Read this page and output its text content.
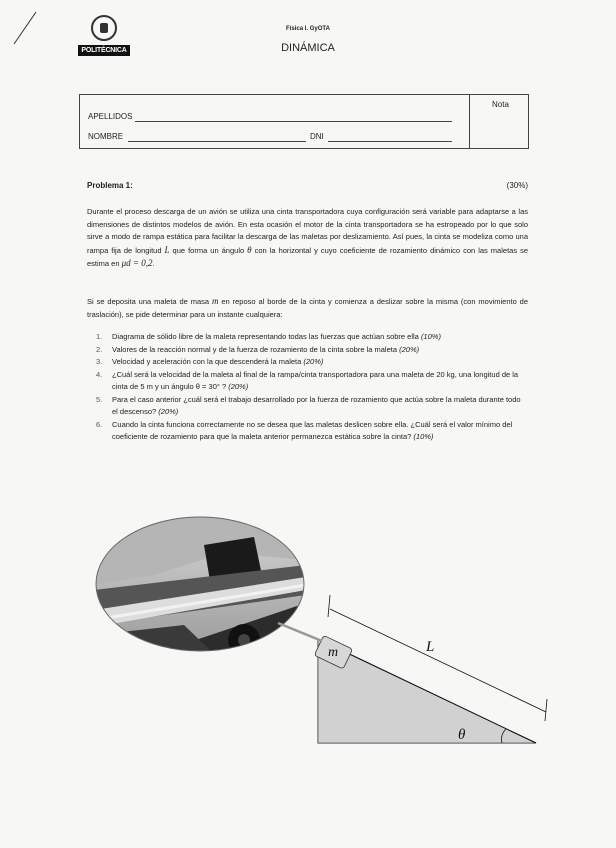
POLITÉCNICA
Física I. GyOTA
DINÁMICA
Nota
APELLIDOS
NOMBRE	DNI
Problema 1:	(30%)

Durante el proceso descarga de un avión se utiliza una cinta transportadora cuya configuración será variable para adaptarse a las dimensiones de distintos modelos de avión. En esta ocasión el motor de la cinta transportadora se ha estropeado por lo que solo sirve a modo de rampa estática para facilitar la descarga de las maletas por deslizamiento. Así pues, la cinta se modeliza como una rampa fija de longitud L que forma un ángulo θ con la horizontal y cuyo coeficiente de rozamiento dinámico con las maletas se estima en μd = 0,2.

Si se deposita una maleta de masa m en reposo al borde de la cinta y comienza a deslizar sobre la misma (con movimiento de traslación), se pide determinar para un instante cualquiera:

1. Diagrama de sólido libre de la maleta representando todas las fuerzas que actúan sobre ella (10%)
2. Valores de la reacción normal y de la fuerza de rozamiento de la cinta sobre la maleta (20%)
3. Velocidad y aceleración con la que descenderá la maleta (20%)
4. ¿Cuál será la velocidad de la maleta al final de la rampa/cinta transportadora para una maleta de 20 kg, una longitud de la cinta de 5 m y un ángulo θ = 30° ? (20%)
5. Para el caso anterior ¿cuál será el trabajo desarrollado por la fuerza de rozamiento que actúa sobre la maleta durante todo el descenso? (20%)
6. Cuando la cinta funciona correctamente no se desea que las maletas deslicen sobre ella. ¿Cuál será el valor mínimo del coeficiente de rozamiento para que la maleta anterior permanezca estática sobre la cinta? (10%)
m	L
θ
